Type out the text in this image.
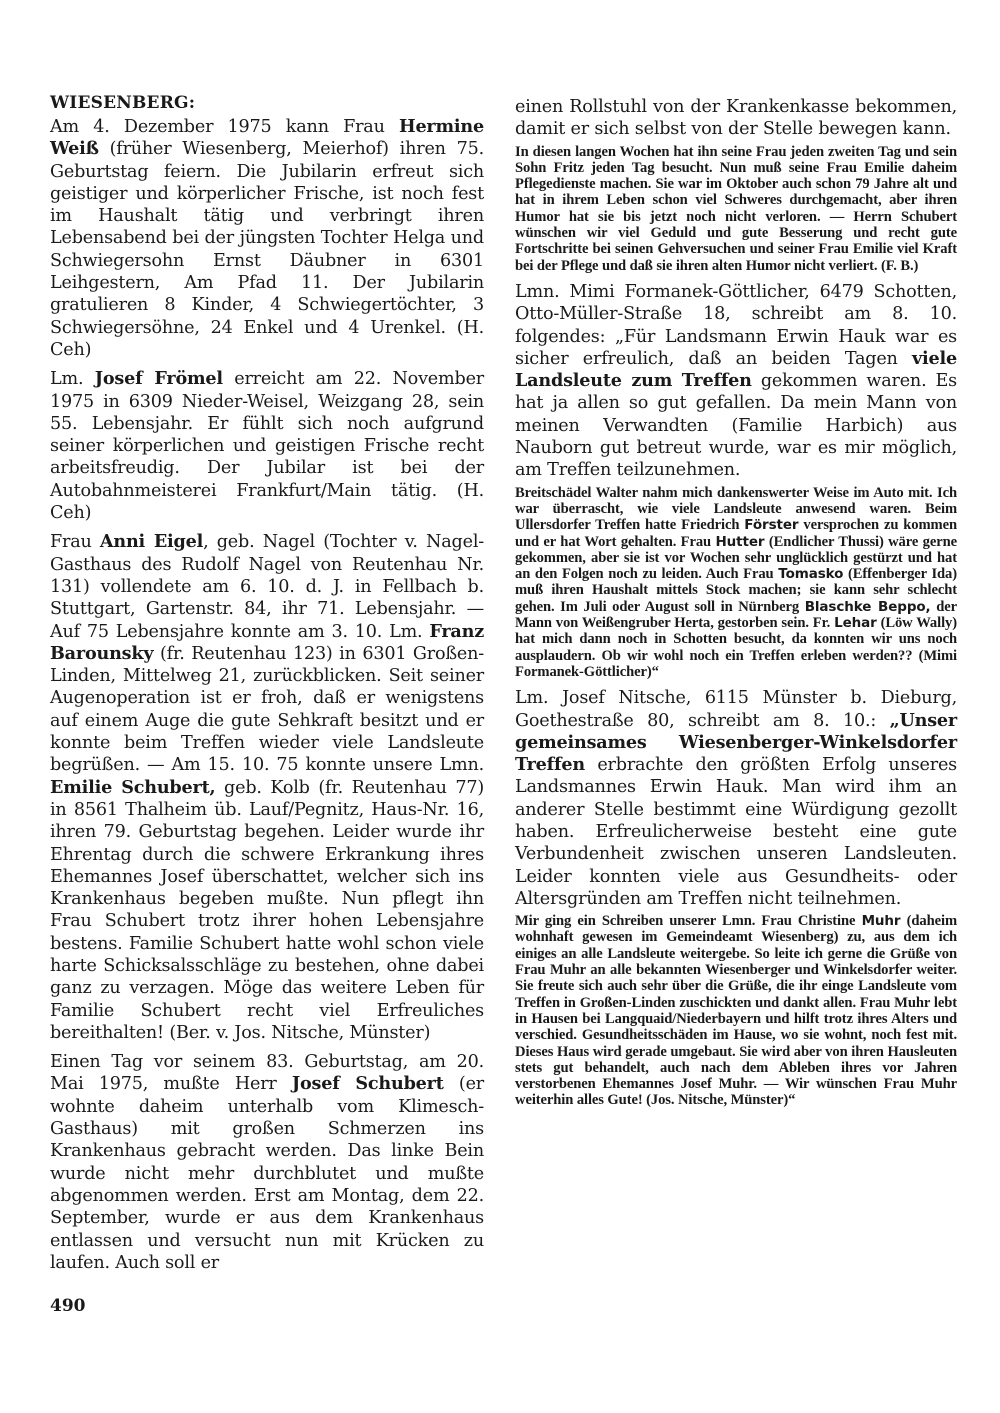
WIESENBERG:

Am 4. Dezember 1975 kann Frau Hermine Weiß (früher Wiesenberg, Meierhof) ihren 75. Geburtstag feiern. Die Jubilarin erfreut sich geistiger und körperlicher Frische, ist noch fest im Haushalt tätig und verbringt ihren Lebensabend bei der jüngsten Tochter Helga und Schwiegersohn Ernst Däubner in 6301 Leihgestern, Am Pfad 11. Der Jubilarin gratulieren 8 Kinder, 4 Schwiegertöchter, 3 Schwiegersöhne, 24 Enkel und 4 Urenkel. (H. Ceh)

Lm. Josef Frömel erreicht am 22. November 1975 in 6309 Nieder-Weisel, Weizgang 28, sein 55. Lebensjahr. Er fühlt sich noch aufgrund seiner körperlichen und geistigen Frische recht arbeitsfreudig. Der Jubilar ist bei der Autobahnmeisterei Frankfurt/Main tätig. (H. Ceh)

Frau Anni Eigel, geb. Nagel (Tochter v. Nagel-Gasthaus des Rudolf Nagel von Reutenhau Nr. 131) vollendete am 6. 10. d. J. in Fellbach b. Stuttgart, Gartenstr. 84, ihr 71. Lebensjahr. — Auf 75 Lebensjahre konnte am 3. 10. Lm. Franz Barounsky (fr. Reutenhau 123) in 6301 Großen-Linden, Mittelweg 21, zurückblicken. Seit seiner Augenoperation ist er froh, daß er wenigstens auf einem Auge die gute Sehkraft besitzt und er konnte beim Treffen wieder viele Landsleute begrüßen. — Am 15. 10. 75 konnte unsere Lmn. Emilie Schubert, geb. Kolb (fr. Reutenhau 77) in 8561 Thalheim üb. Lauf/Pegnitz, Haus-Nr. 16, ihren 79. Geburtstag begehen. Leider wurde ihr Ehrentag durch die schwere Erkrankung ihres Ehemannes Josef überschattet, welcher sich ins Krankenhaus begeben mußte. Nun pflegt ihn Frau Schubert trotz ihrer hohen Lebensjahre bestens. Familie Schubert hatte wohl schon viele harte Schicksalsschläge zu bestehen, ohne dabei ganz zu verzagen. Möge das weitere Leben für Familie Schubert recht viel Erfreuliches bereithalten! (Ber. v. Jos. Nitsche, Münster)

Einen Tag vor seinem 83. Geburtstag, am 20. Mai 1975, mußte Herr Josef Schubert (er wohnte daheim unterhalb vom Klimesch-Gasthaus) mit großen Schmerzen ins Krankenhaus gebracht werden. Das linke Bein wurde nicht mehr durchblutet und mußte abgenommen werden. Erst am Montag, dem 22. September, wurde er aus dem Krankenhaus entlassen und versucht nun mit Krücken zu laufen. Auch soll er

einen Rollstuhl von der Krankenkasse bekommen, damit er sich selbst von der Stelle bewegen kann.

In diesen langen Wochen hat ihn seine Frau jeden zweiten Tag und sein Sohn Fritz jeden Tag besucht. Nun muß seine Frau Emilie daheim Pflegedienste machen. Sie war im Oktober auch schon 79 Jahre alt und hat in ihrem Leben schon viel Schweres durchgemacht, aber ihren Humor hat sie bis jetzt noch nicht verloren. — Herrn Schubert wünschen wir viel Geduld und gute Besserung und recht gute Fortschritte bei seinen Gehversuchen und seiner Frau Emilie viel Kraft bei der Pflege und daß sie ihren alten Humor nicht verliert. (F. B.)

Lmn. Mimi Formanek-Göttlicher, 6479 Schotten, Otto-Müller-Straße 18, schreibt am 8. 10. folgendes: „Für Landsmann Erwin Hauk war es sicher erfreulich, daß an beiden Tagen viele Landsleute zum Treffen gekommen waren. Es hat ja allen so gut gefallen. Da mein Mann von meinen Verwandten (Familie Harbich) aus Nauborn gut betreut wurde, war es mir möglich, am Treffen teilzunehmen.

Breitschädel Walter nahm mich dankenswerter Weise im Auto mit. Ich war überrascht, wie viele Landsleute anwesend waren. Beim Ullersdorfer Treffen hatte Friedrich Förster versprochen zu kommen und er hat Wort gehalten. Frau Hutter (Endlicher Thussi) wäre gerne gekommen, aber sie ist vor Wochen sehr unglücklich gestürzt und hat an den Folgen noch zu leiden. Auch Frau Tomasko (Effenberger Ida) muß ihren Haushalt mittels Stock machen; sie kann sehr schlecht gehen. Im Juli oder August soll in Nürnberg Blaschke Beppo, der Mann von Weißengruber Herta, gestorben sein. Fr. Lehar (Löw Wally) hat mich dann noch in Schotten besucht, da konnten wir uns noch ausplaudern. Ob wir wohl noch ein Treffen erleben werden?? (Mimi Formanek-Göttlicher)“

Lm. Josef Nitsche, 6115 Münster b. Dieburg, Goethestraße 80, schreibt am 8. 10.: „Unser gemeinsames Wiesenberger-Winkelsdorfer Treffen erbrachte den größten Erfolg unseres Landsmannes Erwin Hauk. Man wird ihm an anderer Stelle bestimmt eine Würdigung gezollt haben. Erfreulicherweise besteht eine gute Verbundenheit zwischen unseren Landsleuten. Leider konnten viele aus Gesundheits- oder Altersgründen am Treffen nicht teilnehmen.

Mir ging ein Schreiben unserer Lmn. Frau Christine Muhr (daheim wohnhaft gewesen im Gemeindeamt Wiesenberg) zu, aus dem ich einiges an alle Landsleute weitergebe. So leite ich gerne die Grüße von Frau Muhr an alle bekannten Wiesenberger und Winkelsdorfer weiter. Sie freute sich auch sehr über die Grüße, die ihr einge Landsleute vom Treffen in Großen-Linden zuschickten und dankt allen. Frau Muhr lebt in Hausen bei Langquaid/Niederbayern und hilft trotz ihres Alters und verschied. Gesundheitsschäden im Hause, wo sie wohnt, noch fest mit. Dieses Haus wird gerade umgebaut. Sie wird aber von ihren Hausleuten stets gut behandelt, auch nach dem Ableben ihres vor Jahren verstorbenen Ehemannes Josef Muhr. — Wir wünschen Frau Muhr weiterhin alles Gute! (Jos. Nitsche, Münster)“

490
